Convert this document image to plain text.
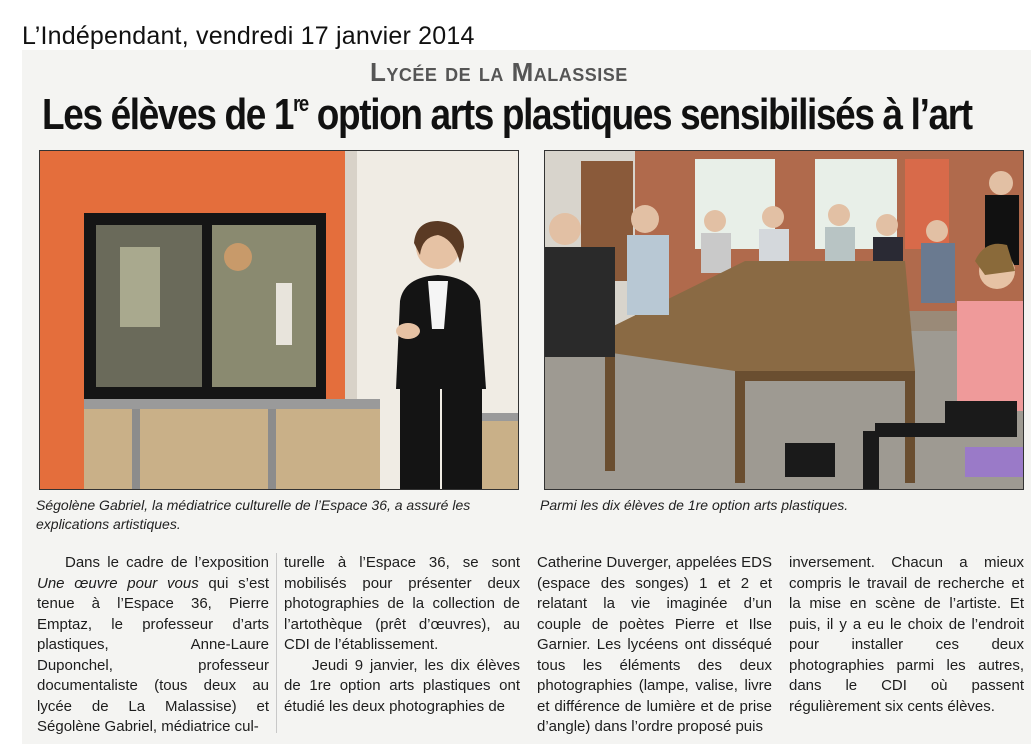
L’Indépendant, vendredi 17 janvier 2014
Lycée de la Malassise
Les élèves de 1re option arts plastiques sensibilisés à l’art
Ségolène Gabriel, la médiatrice culturelle de l’Espace 36, a assuré les explications artistiques.
Parmi les dix élèves de 1re option arts plastiques.
Dans le cadre de l’exposition Une œuvre pour vous qui s’est tenue à l’Espace 36, Pierre Emptaz, le professeur d’arts plastiques, Anne-Laure Duponchel, professeur documentaliste (tous deux au lycée de La Malassise) et Ségolène Gabriel, médiatrice cul-

turelle à l’Espace 36, se sont mobilisés pour présenter deux photographies de la collection de l’artothèque (prêt d’œuvres), au CDI de l’établissement.

Jeudi 9 janvier, les dix élèves de 1re option arts plastiques ont étudié les deux photographies de

Catherine Duverger, appelées EDS (espace des songes) 1 et 2 et relatant la vie imaginée d’un couple de poètes Pierre et Ilse Garnier. Les lycéens ont disséqué tous les éléments des deux photographies (lampe, valise, livre et différence de lumière et de prise d’angle) dans l’ordre proposé puis
inversement. Chacun a mieux compris le travail de recherche et la mise en scène de l’artiste. Et puis, il y a eu le choix de l’endroit pour installer ces deux photographies parmi les autres, dans le CDI où passent régulièrement six cents élèves.
